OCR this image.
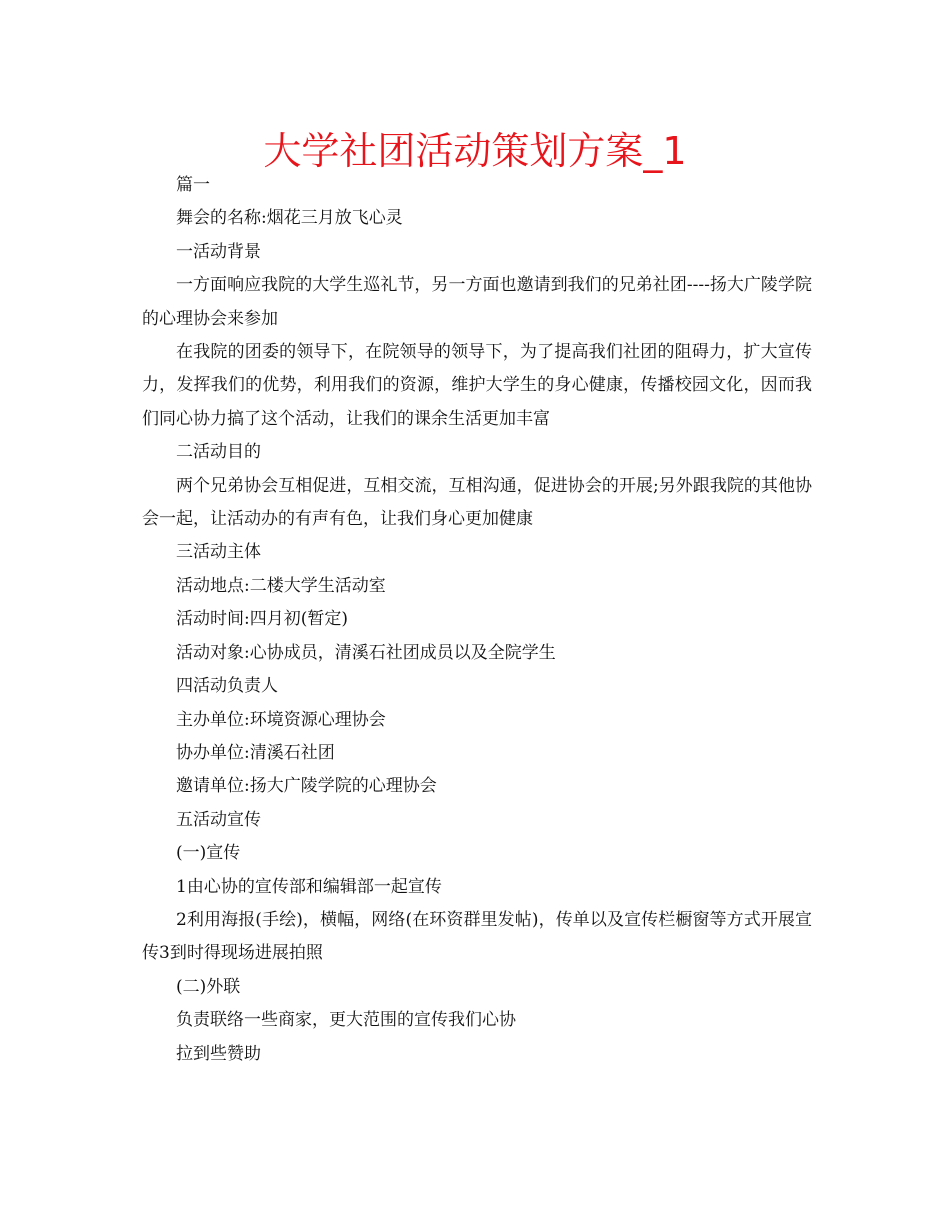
大学社团活动策划方案_1

篇一

舞会的名称:烟花三月放飞心灵

一活动背景

一方面响应我院的大学生巡礼节，另一方面也邀请到我们的兄弟社团----扬大广陵学院的心理协会来参加

在我院的团委的领导下，在院领导的领导下，为了提高我们社团的阻碍力，扩大宣传力，发挥我们的优势，利用我们的资源，维护大学生的身心健康，传播校园文化，因而我们同心协力搞了这个活动，让我们的课余生活更加丰富

二活动目的

两个兄弟协会互相促进，互相交流，互相沟通，促进协会的开展;另外跟我院的其他协会一起，让活动办的有声有色，让我们身心更加健康

三活动主体

活动地点:二楼大学生活动室

活动时间:四月初(暂定)

活动对象:心协成员，清溪石社团成员以及全院学生

四活动负责人

主办单位:环境资源心理协会

协办单位:清溪石社团

邀请单位:扬大广陵学院的心理协会

五活动宣传

(一)宣传

1由心协的宣传部和编辑部一起宣传

2利用海报(手绘)，横幅，网络(在环资群里发帖)，传单以及宣传栏橱窗等方式开展宣传3到时得现场进展拍照

(二)外联

负责联络一些商家，更大范围的宣传我们心协

拉到些赞助
